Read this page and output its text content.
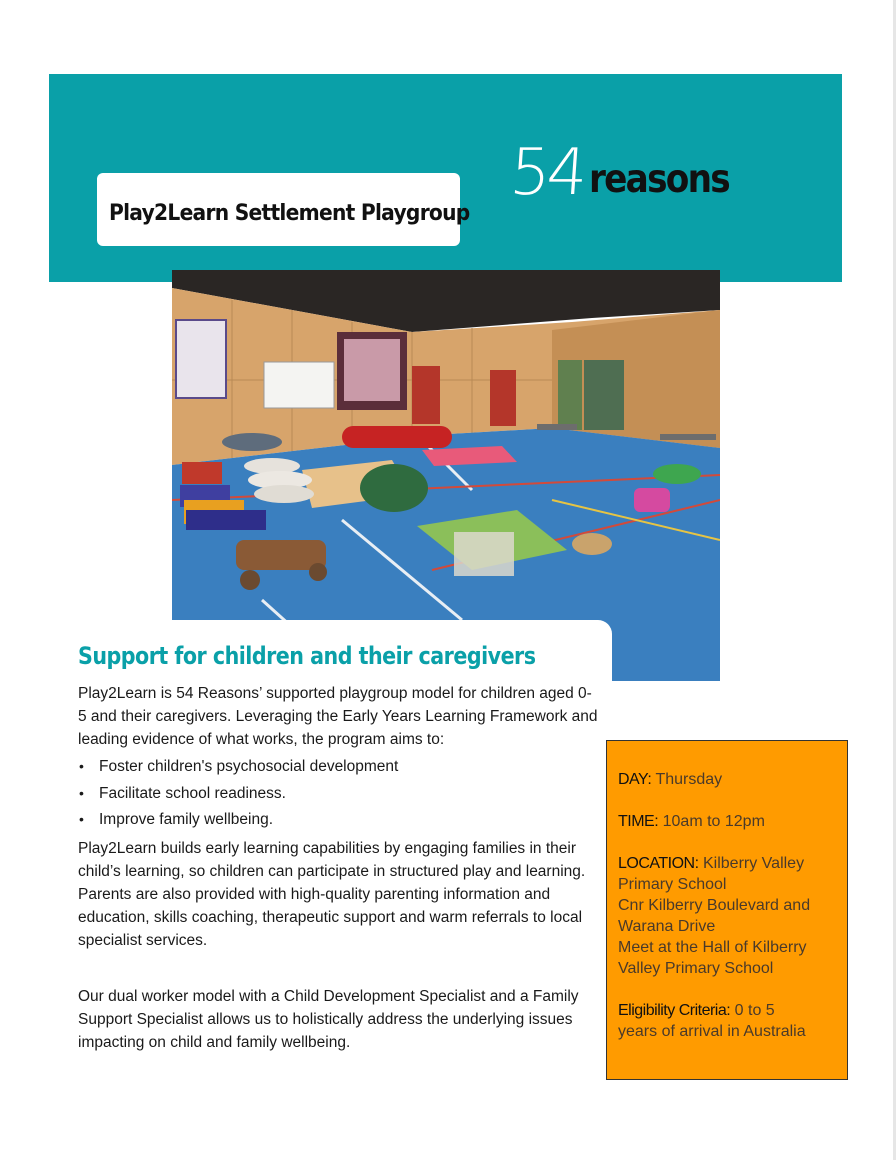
Play2Learn Settlement Playgroup
54 reasons
Support for children and their caregivers

Play2Learn is 54 Reasons’ supported playgroup model for children aged 0-5 and their caregivers. Leveraging the Early Years Learning Framework and leading evidence of what works, the program aims to:

• Foster children's psychosocial development
• Facilitate school readiness.
• Improve family wellbeing.

Play2Learn builds early learning capabilities by engaging families in their child’s learning, so children can participate in structured play and learning. Parents are also provided with high-quality parenting information and education, skills coaching, therapeutic support and warm referrals to local specialist services.

Our dual worker model with a Child Development Specialist and a Family Support Specialist allows us to holistically address the underlying issues impacting on child and family wellbeing.

DAY: Thursday
TIME: 10am to 12pm
LOCATION: Kilberry Valley
Primary School
Cnr Kilberry Boulevard and
Warana Drive
Meet at the Hall of Kilberry
Valley Primary School
Eligibility Criteria: 0 to 5
years of arrival in Australia
